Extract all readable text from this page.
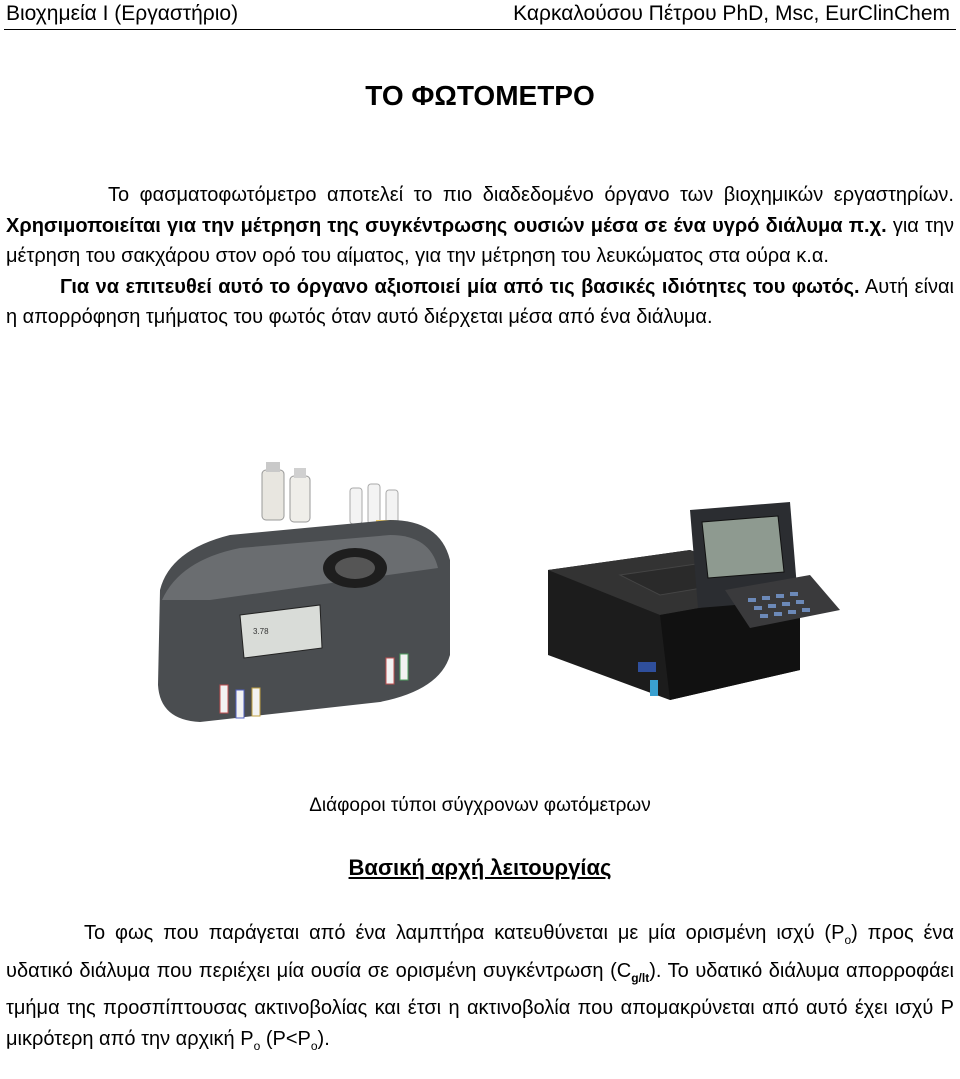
Βιοχημεία Ι (Εργαστήριο)	Καρκαλούσου Πέτρου PhD, Msc, EurClinChem
ΤΟ ΦΩΤΟΜΕΤΡΟ
Το φασματοφωτόμετρο αποτελεί το πιο διαδεδομένο όργανο των βιοχημικών εργαστηρίων. Χρησιμοποιείται για την μέτρηση της συγκέντρωσης ουσιών μέσα σε ένα υγρό διάλυμα π.χ. για την μέτρηση του σακχάρου στον ορό του αίματος, για την μέτρηση του λευκώματος στα ούρα κ.α.
Για να επιτευθεί αυτό το όργανο αξιοποιεί μία από τις βασικές ιδιότητες του φωτός. Αυτή είναι η απορρόφηση τμήματος του φωτός όταν αυτό διέρχεται μέσα από ένα διάλυμα.
3.78
Διάφοροι τύποι σύγχρονων φωτόμετρων
Βασική αρχή λειτουργίας
Το φως που παράγεται από ένα λαμπτήρα κατευθύνεται με μία ορισμένη ισχύ $(P_o)$ προς ένα υδατικό διάλυμα που περιέχει μία ουσία σε ορισμένη συγκέντρωση $(C_{g/lt})$. Το υδατικό διάλυμα απορροφάει τμήμα της προσπίπτουσας ακτινοβολίας και έτσι η ακτινοβολία που απομακρύνεται από αυτό έχει ισχύ P μικρότερη από την αρχική $P_o$ $(P<P_o)$.
